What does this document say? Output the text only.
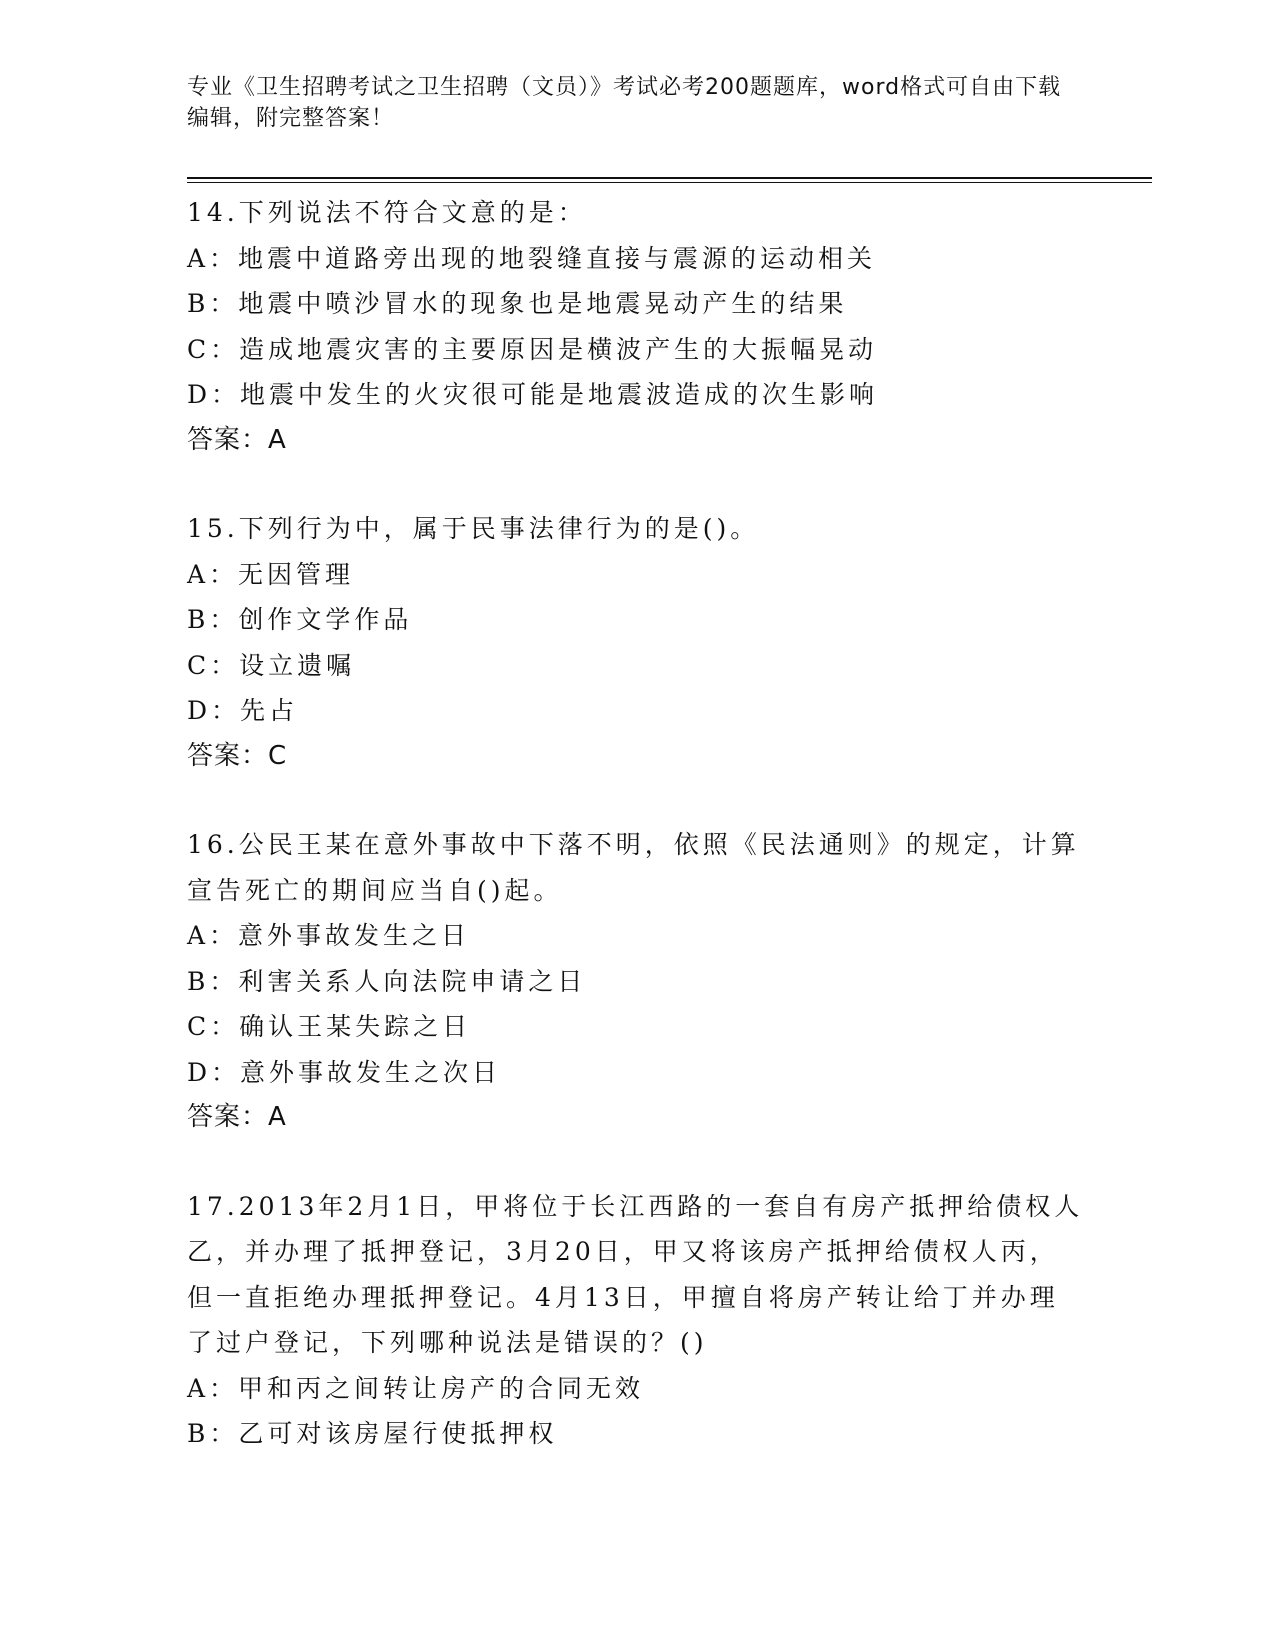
专业《卫生招聘考试之卫生招聘（文员）》考试必考200题题库，word格式可自由下载编辑，附完整答案！
14.下列说法不符合文意的是：
A：地震中道路旁出现的地裂缝直接与震源的运动相关
B：地震中喷沙冒水的现象也是地震晃动产生的结果
C：造成地震灾害的主要原因是横波产生的大振幅晃动
D：地震中发生的火灾很可能是地震波造成的次生影响
答案：A
15.下列行为中，属于民事法律行为的是()。
A：无因管理
B：创作文学作品
C：设立遗嘱
D：先占
答案：C
16.公民王某在意外事故中下落不明，依照《民法通则》的规定，计算宣告死亡的期间应当自()起。
A：意外事故发生之日
B：利害关系人向法院申请之日
C：确认王某失踪之日
D：意外事故发生之次日
答案：A
17.2013年2月1日，甲将位于长江西路的一套自有房产抵押给债权人乙，并办理了抵押登记，3月20日，甲又将该房产抵押给债权人丙，但一直拒绝办理抵押登记。4月13日，甲擅自将房产转让给丁并办理了过户登记，下列哪种说法是错误的？()
A：甲和丙之间转让房产的合同无效
B：乙可对该房屋行使抵押权
